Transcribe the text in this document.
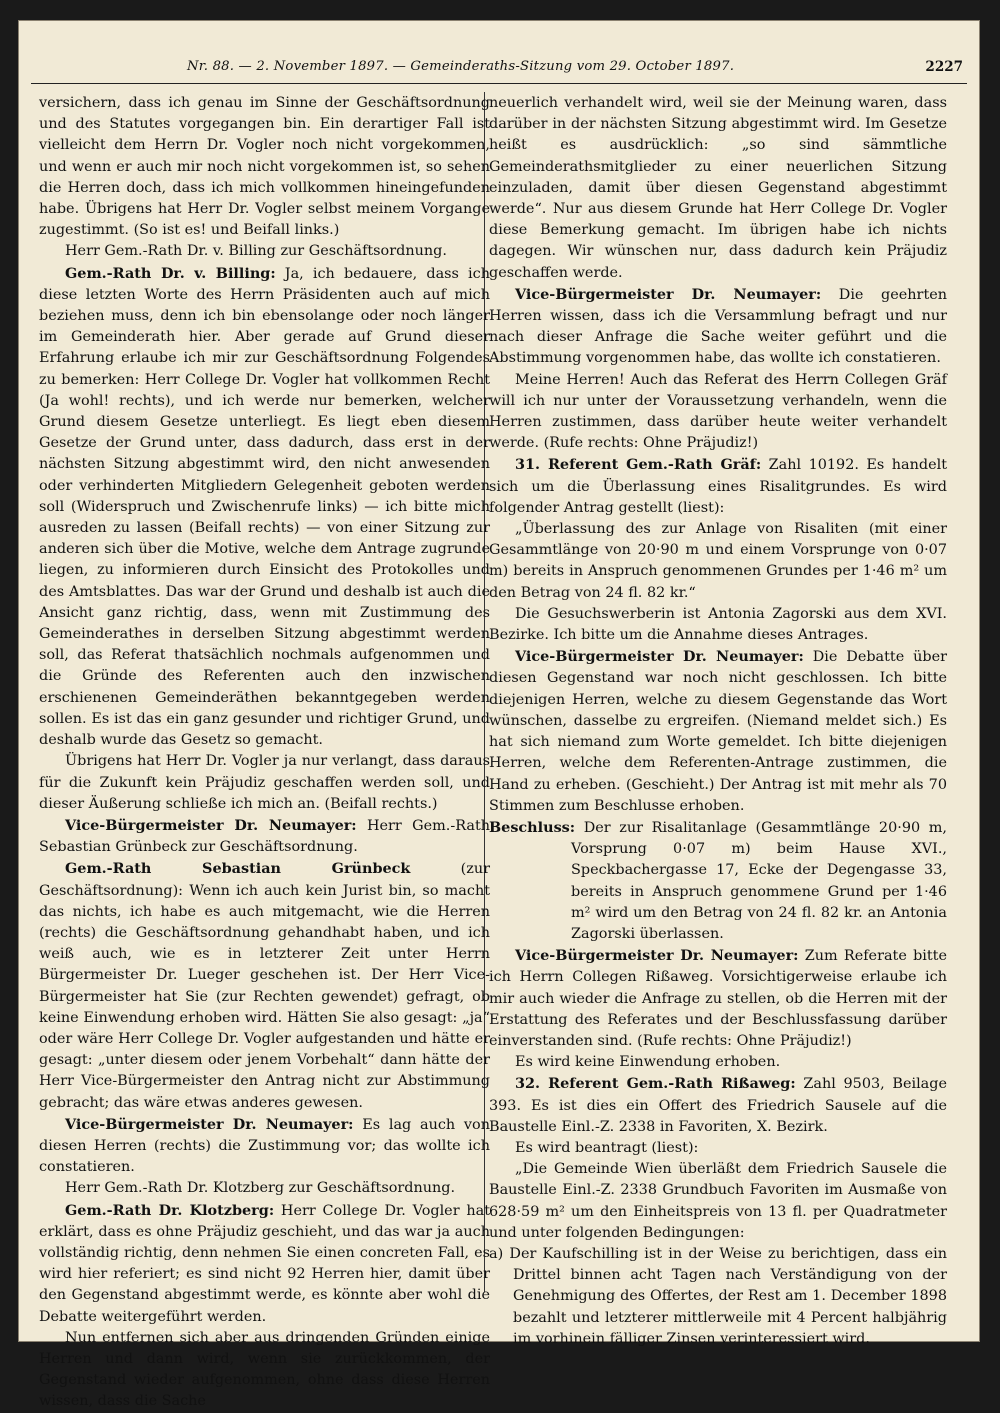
Nr. 88. — 2. November 1897. — Gemeinderaths-Sitzung vom 29. October 1897.	2227

versichern, dass ich genau im Sinne der Geschäftsordnung und des Statutes vorgegangen bin. Ein derartiger Fall ist vielleicht dem Herrn Dr. Vogler noch nicht vorgekommen, und wenn er auch mir noch nicht vorgekommen ist, so sehen die Herren doch, dass ich mich vollkommen hineingefunden habe. Übrigens hat Herr Dr. Vogler selbst meinem Vorgange zugestimmt. (So ist es! und Beifall links.)

Herr Gem.-Rath Dr. v. Billing zur Geschäftsordnung.

Gem.-Rath Dr. v. Billing: Ja, ich bedauere, dass ich diese letzten Worte des Herrn Präsidenten auch auf mich beziehen muss, denn ich bin ebensolange oder noch länger im Gemeinderath hier. Aber gerade auf Grund dieser Erfahrung erlaube ich mir zur Geschäftsordnung Folgendes zu bemerken: Herr College Dr. Vogler hat vollkommen Recht (Ja wohl! rechts), und ich werde nur bemerken, welcher Grund diesem Gesetze unterliegt. Es liegt eben diesem Gesetze der Grund unter, dass dadurch, dass erst in der nächsten Sitzung abgestimmt wird, den nicht anwesenden oder verhinderten Mitgliedern Gelegenheit geboten werden soll (Widerspruch und Zwischenrufe links) — ich bitte mich ausreden zu lassen (Beifall rechts) — von einer Sitzung zur anderen sich über die Motive, welche dem Antrage zugrunde liegen, zu informieren durch Einsicht des Protokolles und des Amtsblattes. Das war der Grund und deshalb ist auch die Ansicht ganz richtig, dass, wenn mit Zustimmung des Gemeinderathes in derselben Sitzung abgestimmt werden soll, das Referat thatsächlich nochmals aufgenommen und die Gründe des Referenten auch den inzwischen erschienenen Gemeinderäthen bekanntgegeben werden sollen. Es ist das ein ganz gesunder und richtiger Grund, und deshalb wurde das Gesetz so gemacht.

Übrigens hat Herr Dr. Vogler ja nur verlangt, dass daraus für die Zukunft kein Präjudiz geschaffen werden soll, und dieser Äußerung schließe ich mich an. (Beifall rechts.)

Vice-Bürgermeister Dr. Neumayer: Herr Gem.-Rath Sebastian Grünbeck zur Geschäftsordnung.

Gem.-Rath Sebastian Grünbeck (zur Geschäftsordnung): Wenn ich auch kein Jurist bin, so macht das nichts, ich habe es auch mitgemacht, wie die Herren (rechts) die Geschäftsordnung gehandhabt haben, und ich weiß auch, wie es in letzterer Zeit unter Herrn Bürgermeister Dr. Lueger geschehen ist. Der Herr Vice-Bürgermeister hat Sie (zur Rechten gewendet) gefragt, ob keine Einwendung erhoben wird. Hätten Sie also gesagt: „ja“ oder wäre Herr College Dr. Vogler aufgestanden und hätte er gesagt: „unter diesem oder jenem Vorbehalt“ dann hätte der Herr Vice-Bürgermeister den Antrag nicht zur Abstimmung gebracht; das wäre etwas anderes gewesen.

Vice-Bürgermeister Dr. Neumayer: Es lag auch von diesen Herren (rechts) die Zustimmung vor; das wollte ich constatieren.

Herr Gem.-Rath Dr. Klotzberg zur Geschäftsordnung.

Gem.-Rath Dr. Klotzberg: Herr College Dr. Vogler hat erklärt, dass es ohne Präjudiz geschieht, und das war ja auch vollständig richtig, denn nehmen Sie einen concreten Fall, es wird hier referiert; es sind nicht 92 Herren hier, damit über den Gegenstand abgestimmt werde, es könnte aber wohl die Debatte weitergeführt werden.

Nun entfernen sich aber aus dringenden Gründen einige Herren und dann wird, wenn sie zurückkommen, der Gegenstand wieder aufgenommen, ohne dass diese Herren wissen, dass die Sache

neuerlich verhandelt wird, weil sie der Meinung waren, dass darüber in der nächsten Sitzung abgestimmt wird. Im Gesetze heißt es ausdrücklich: „so sind sämmtliche Gemeinderathsmitglieder zu einer neuerlichen Sitzung einzuladen, damit über diesen Gegenstand abgestimmt werde“. Nur aus diesem Grunde hat Herr College Dr. Vogler diese Bemerkung gemacht. Im übrigen habe ich nichts dagegen. Wir wünschen nur, dass dadurch kein Präjudiz geschaffen werde.

Vice-Bürgermeister Dr. Neumayer: Die geehrten Herren wissen, dass ich die Versammlung befragt und nur nach dieser Anfrage die Sache weiter geführt und die Abstimmung vorgenommen habe, das wollte ich constatieren.

Meine Herren! Auch das Referat des Herrn Collegen Gräf will ich nur unter der Voraussetzung verhandeln, wenn die Herren zustimmen, dass darüber heute weiter verhandelt werde. (Rufe rechts: Ohne Präjudiz!)

31. Referent Gem.-Rath Gräf: Zahl 10192. Es handelt sich um die Überlassung eines Risalitgrundes. Es wird folgender Antrag gestellt (liest):

„Überlassung des zur Anlage von Risaliten (mit einer Gesammtlänge von 20·90 m und einem Vorsprunge von 0·07 m) bereits in Anspruch genommenen Grundes per 1·46 m² um den Betrag von 24 fl. 82 kr.“

Die Gesuchswerberin ist Antonia Zagorski aus dem XVI. Bezirke. Ich bitte um die Annahme dieses Antrages.

Vice-Bürgermeister Dr. Neumayer: Die Debatte über diesen Gegenstand war noch nicht geschlossen. Ich bitte diejenigen Herren, welche zu diesem Gegenstande das Wort wünschen, dasselbe zu ergreifen. (Niemand meldet sich.) Es hat sich niemand zum Worte gemeldet. Ich bitte diejenigen Herren, welche dem Referenten-Antrage zustimmen, die Hand zu erheben. (Geschieht.) Der Antrag ist mit mehr als 70 Stimmen zum Beschlusse erhoben.

Beschluss: Der zur Risalitanlage (Gesammtlänge 20·90 m, Vorsprung 0·07 m) beim Hause XVI., Speckbachergasse 17, Ecke der Degengasse 33, bereits in Anspruch genommene Grund per 1·46 m² wird um den Betrag von 24 fl. 82 kr. an Antonia Zagorski überlassen.

Vice-Bürgermeister Dr. Neumayer: Zum Referate bitte ich Herrn Collegen Rißaweg. Vorsichtigerweise erlaube ich mir auch wieder die Anfrage zu stellen, ob die Herren mit der Erstattung des Referates und der Beschlussfassung darüber einverstanden sind. (Rufe rechts: Ohne Präjudiz!)

Es wird keine Einwendung erhoben.

32. Referent Gem.-Rath Rißaweg: Zahl 9503, Beilage 393. Es ist dies ein Offert des Friedrich Sausele auf die Baustelle Einl.-Z. 2338 in Favoriten, X. Bezirk.

Es wird beantragt (liest):

„Die Gemeinde Wien überläßt dem Friedrich Sausele die Baustelle Einl.-Z. 2338 Grundbuch Favoriten im Ausmaße von 628·59 m² um den Einheitspreis von 13 fl. per Quadratmeter und unter folgenden Bedingungen:

a) Der Kaufschilling ist in der Weise zu berichtigen, dass ein Drittel binnen acht Tagen nach Verständigung von der Genehmigung des Offertes, der Rest am 1. December 1898 bezahlt und letzterer mittlerweile mit 4 Percent halbjährig im vorhinein fälliger Zinsen verinteressiert wird.
